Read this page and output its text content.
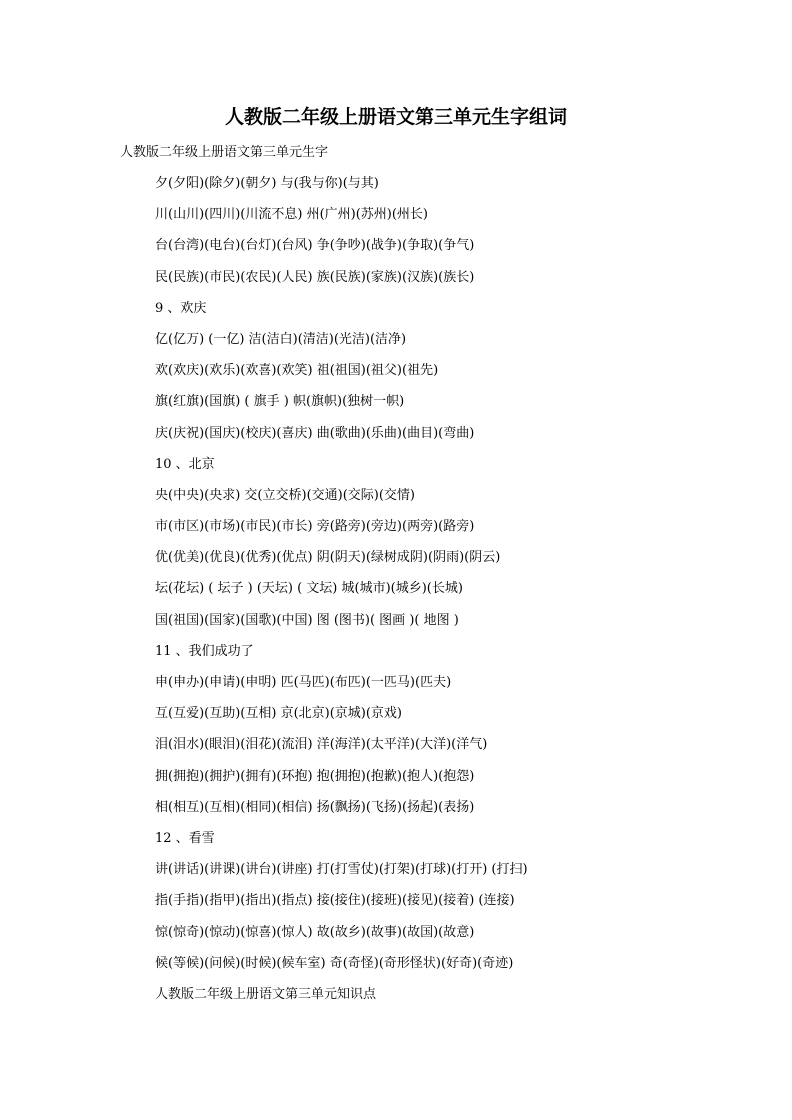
人教版二年级上册语文第三单元生字组词
人教版二年级上册语文第三单元生字
夕(夕阳)(除夕)(朝夕) 与(我与你)(与其)
川(山川)(四川)(川流不息) 州(广州)(苏州)(州长)
台(台湾)(电台)(台灯)(台风) 争(争吵)(战争)(争取)(争气)
民(民族)(市民)(农民)(人民) 族(民族)(家族)(汉族)(族长)
9 、欢庆
亿(亿万) (一亿) 洁(洁白)(清洁)(光洁)(洁净)
欢(欢庆)(欢乐)(欢喜)(欢笑) 祖(祖国)(祖父)(祖先)
旗(红旗)(国旗) ( 旗手 ) 帜(旗帜)(独树一帜)
庆(庆祝)(国庆)(校庆)(喜庆) 曲(歌曲)(乐曲)(曲目)(弯曲)
10 、北京
央(中央)(央求) 交(立交桥)(交通)(交际)(交情)
市(市区)(市场)(市民)(市长) 旁(路旁)(旁边)(两旁)(路旁)
优(优美)(优良)(优秀)(优点) 阴(阴天)(绿树成阴)(阴雨)(阴云)
坛(花坛) ( 坛子 ) (天坛) ( 文坛) 城(城市)(城乡)(长城)
国(祖国)(国家)(国歌)(中国) 图 (图书)( 图画 )( 地图 )
11 、我们成功了
申(申办)(申请)(申明) 匹(马匹)(布匹)(一匹马)(匹夫)
互(互爱)(互助)(互相) 京(北京)(京城)(京戏)
泪(泪水)(眼泪)(泪花)(流泪) 洋(海洋)(太平洋)(大洋)(洋气)
拥(拥抱)(拥护)(拥有)(环抱) 抱(拥抱)(抱歉)(抱人)(抱怨)
相(相互)(互相)(相同)(相信) 扬(飘扬)(飞扬)(扬起)(表扬)
12 、看雪
讲(讲话)(讲课)(讲台)(讲座) 打(打雪仗)(打架)(打球)(打开) (打扫)
指(手指)(指甲)(指出)(指点) 接(接住)(接班)(接见)(接着) (连接)
惊(惊奇)(惊动)(惊喜)(惊人) 故(故乡)(故事)(故国)(故意)
候(等候)(问候)(时候)(候车室) 奇(奇怪)(奇形怪状)(好奇)(奇迹)
人教版二年级上册语文第三单元知识点
